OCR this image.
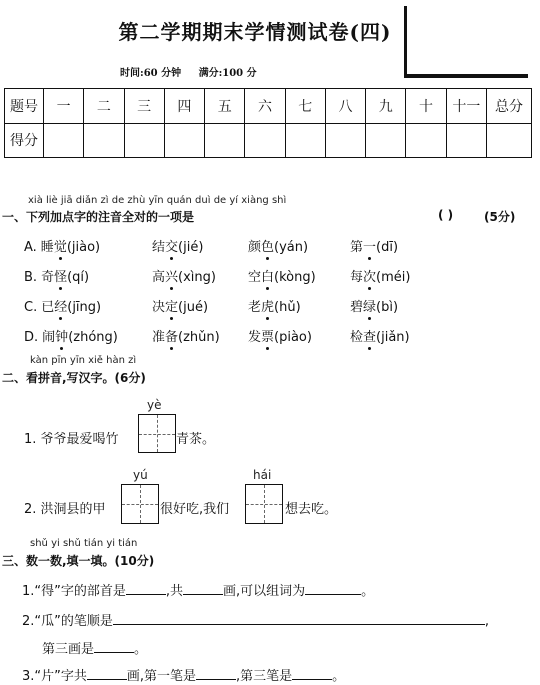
第二学期期末学情测试卷(四)
时间:60 分钟 满分:100 分
题号	一	二	三	四	五	六	七	八	九	十	十一	总分
得分												
xià liè jiā diǎn zì de zhù yīn quán duì de yí xiàng shì
一、下列加点字的注音全对的一项是	( )	(5分)
A. 睡觉(jiào)	结交(jié)	颜色(yán)	第一(dī)
B. 奇怪(qí)	高兴(xìng) 空白(kòng)	每次(méi)
C. 已经(jīng)	决定(jué)	老虎(hǔ)	碧绿(bì)
D. 闹钟(zhóng)	准备(zhǔn) 发票(piào)	检查(jiǎn)
kàn pīn yīn xiě hàn zì
二、看拼音,写汉字。(6分)
yè
1. 爷爷最爱喝竹	青茶。
yú	hái
2. 洪洞县的甲	很好吃,我们	想去吃。
shǔ yi shǔ tián yi tián
三、数一数,填一填。(10分)
1.“得”字的部首是	,共	画,可以组词为	。
2.“瓜”的笔顺是	,
第三画是	。
3.“片”字共	画,第一笔是	,第三笔是	。
